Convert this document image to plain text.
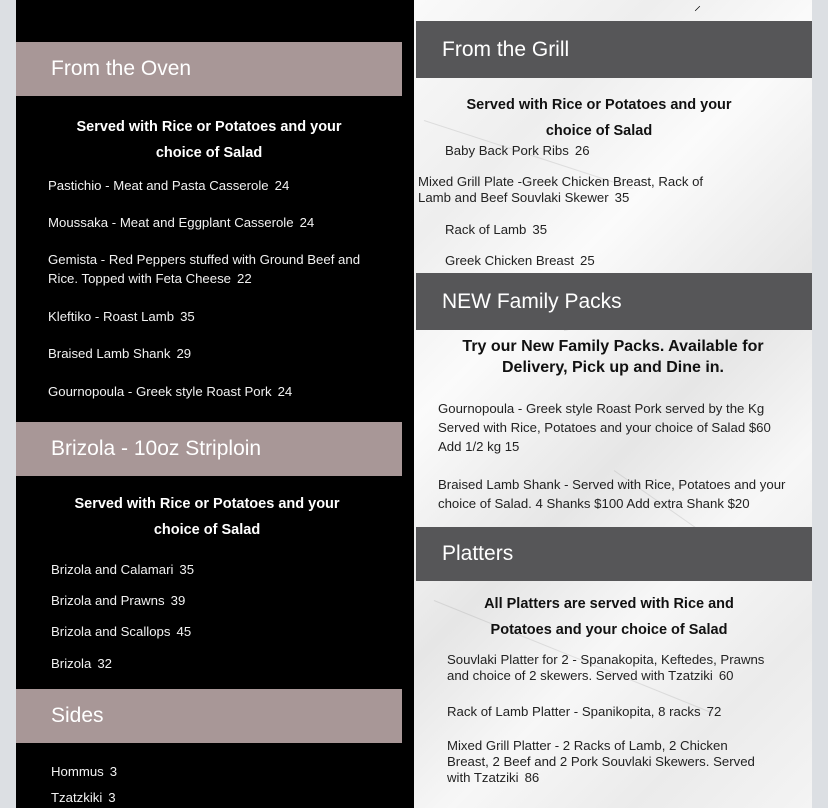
From the Oven
Served with Rice or Potatoes and your
choice of Salad
Pastichio - Meat and Pasta Casserole 24
Moussaka - Meat and Eggplant Casserole 24
Gemista - Red Peppers stuffed with Ground Beef and
Rice. Topped with Feta Cheese 22
Kleftiko - Roast Lamb 35
Braised Lamb Shank 29
Gournopoula - Greek style Roast Pork 24
Brizola - 10oz Striploin
Served with Rice or Potatoes and your
choice of Salad
Brizola and Calamari 35
Brizola and Prawns 39
Brizola and Scallops 45
Brizola 32
Sides
Hommus 3
Tzatzkiki 3
⸝
From the Grill
Served with Rice or Potatoes and your
choice of Salad
Baby Back Pork Ribs 26
Mixed Grill Plate -Greek Chicken Breast, Rack of
Lamb and Beef Souvlaki Skewer 35
Rack of Lamb 35
Greek Chicken Breast 25
NEW Family Packs
Try our New Family Packs. Available for
Delivery, Pick up and Dine in.
Gournopoula - Greek style Roast Pork served by the Kg
Served with Rice, Potatoes and your choice of Salad $60
Add 1/2 kg 15
Braised Lamb Shank - Served with Rice, Potatoes and your
choice of Salad. 4 Shanks $100 Add extra Shank $20
Platters
All Platters are served with Rice and
Potatoes and your choice of Salad
Souvlaki Platter for 2 - Spanakopita, Keftedes, Prawns
and choice of 2 skewers. Served with Tzatziki 60
Rack of Lamb Platter - Spanikopita, 8 racks 72
Mixed Grill Platter - 2 Racks of Lamb, 2 Chicken
Breast, 2 Beef and 2 Pork Souvlaki Skewers. Served
with Tzatziki 86
